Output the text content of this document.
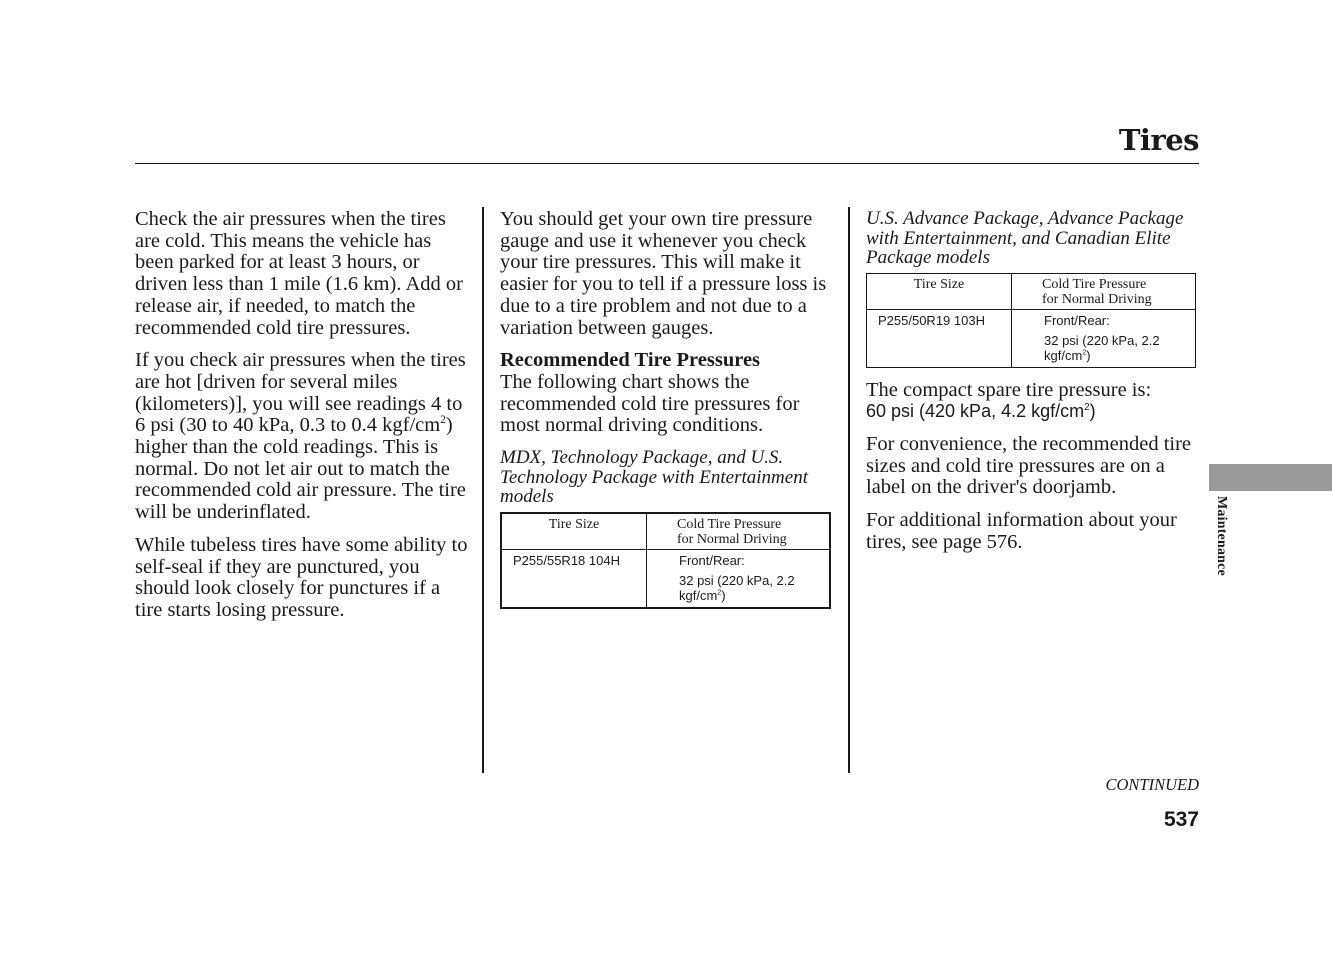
Tires

Check the air pressures when the tires are cold. This means the vehicle has been parked for at least 3 hours, or driven less than 1 mile (1.6 km). Add or release air, if needed, to match the recommended cold tire pressures.

If you check air pressures when the tires are hot [driven for several miles (kilometers)], you will see readings 4 to 6 psi (30 to 40 kPa, 0.3 to 0.4 kgf/$cm^2$) higher than the cold readings. This is normal. Do not let air out to match the recommended cold air pressure. The tire will be underinflated.

While tubeless tires have some ability to self-seal if they are punctured, you should look closely for punctures if a tire starts losing pressure.

You should get your own tire pressure gauge and use it whenever you check your tire pressures. This will make it easier for you to tell if a pressure loss is due to a tire problem and not due to a variation between gauges.

Recommended Tire Pressures

The following chart shows the recommended cold tire pressures for most normal driving conditions.

MDX, Technology Package, and U.S. Technology Package with Entertainment models

Tire Size	Cold Tire Pressure
for Normal Driving
P255/55R18 104H	Front/Rear:
32 psi (220 kPa, 2.2 kgf/$cm^2$)

U.S. Advance Package, Advance Package with Entertainment, and Canadian Elite Package models

Tire Size	Cold Tire Pressure
for Normal Driving
P255/50R19 103H	Front/Rear:
32 psi (220 kPa, 2.2 kgf/$cm^2$)

The compact spare tire pressure is:
60 psi (420 kPa, 4.2 kgf/$cm^2$)

For convenience, the recommended tire sizes and cold tire pressures are on a label on the driver's doorjamb.

For additional information about your tires, see page 576.	Maintenance
CONTINUED
537
